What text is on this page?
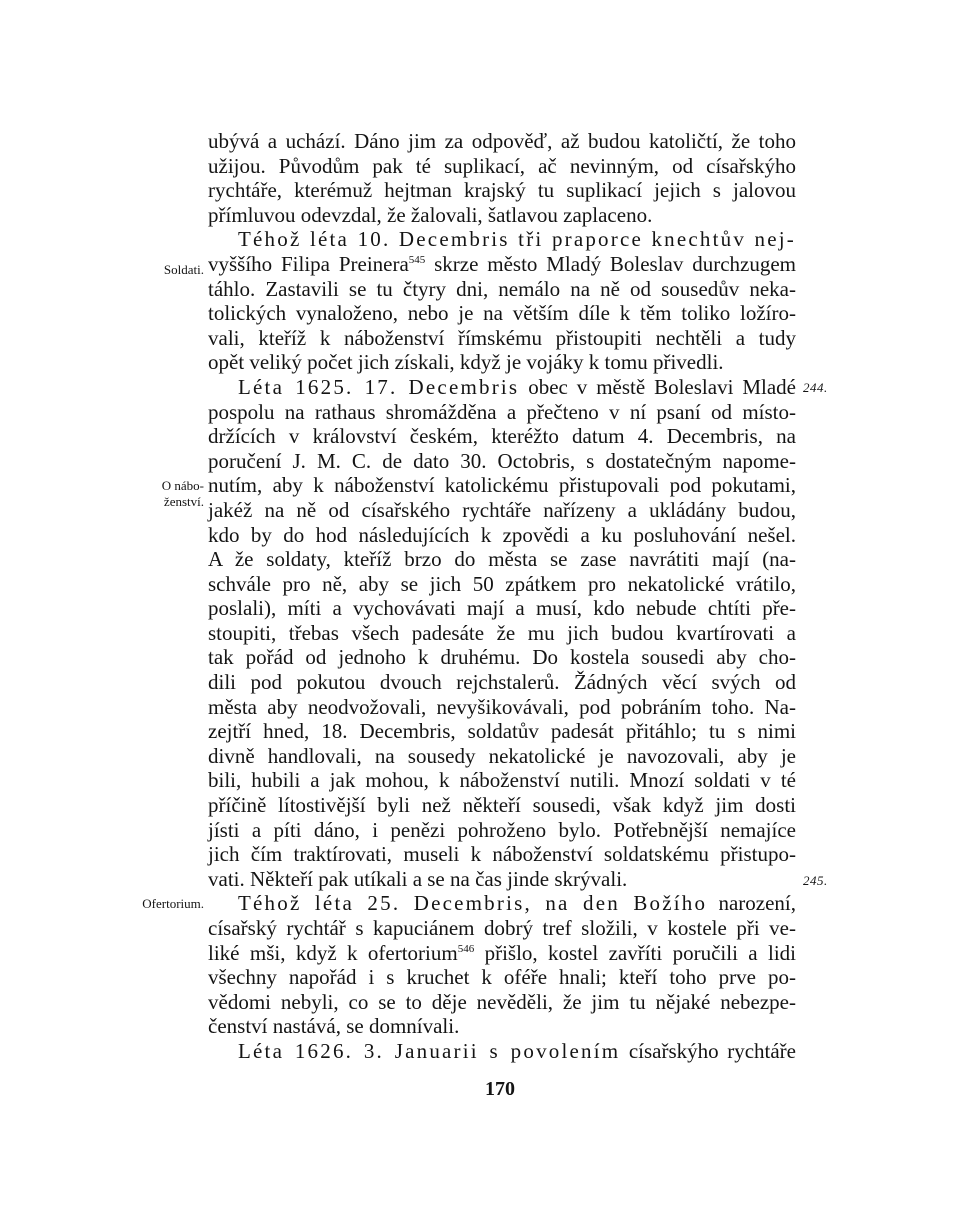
ubývá a uchází. Dáno jim za odpověď, až budou katoličtí, že toho
užijou. Původům pak té suplikací, ač nevinným, od císařskýho
rychtáře, kterémuž hejtman krajský tu suplikací jejich s jalovou
přímluvou odevzdal, že žalovali, šatlavou zaplaceno.
Téhož léta 10. Decembris tři praporce knechtův nej-
vyššího Filipa Preinera$^{545}$ skrze město Mladý Boleslav durchzugem
táhlo. Zastavili se tu čtyry dni, nemálo na ně od sousedův neka-
tolických vynaloženo, nebo je na větším díle k těm toliko ložíro-
vali, kteříž k náboženství římskému přistoupiti nechtěli a tudy
opět veliký počet jich získali, když je vojáky k tomu přivedli.
Léta 1625. 17. Decembris obec v městě Boleslavi Mladé
pospolu na rathaus shromážděna a přečteno v ní psaní od místo-
držících v království českém, kteréžto datum 4. Decembris, na
poručení J. M. C. de dato 30. Octobris, s dostatečným napome-
nutím, aby k náboženství katolickému přistupovali pod pokutami,
jakéž na ně od císařského rychtáře nařízeny a ukládány budou,
kdo by do hod následujících k zpovědi a ku posluhování nešel.
A že soldaty, kteříž brzo do města se zase navrátiti mají (na-
schvále pro ně, aby se jich 50 zpátkem pro nekatolické vrátilo,
poslali), míti a vychovávati mají a musí, kdo nebude chtíti pře-
stoupiti, třebas všech padesáte že mu jich budou kvartírovati a
tak pořád od jednoho k druhému. Do kostela sousedi aby cho-
dili pod pokutou dvouch rejchstalerů. Žádných věcí svých od
města aby neodvožovali, nevyšikovávali, pod pobráním toho. Na-
zejtří hned, 18. Decembris, soldatův padesát přitáhlo; tu s nimi
divně handlovali, na sousedy nekatolické je navozovali, aby je
bili, hubili a jak mohou, k náboženství nutili. Mnozí soldati v té
příčině lítostivější byli než někteří sousedi, však když jim dosti
jísti a píti dáno, i penězi pohroženo bylo. Potřebnější nemajíce
jich čím traktírovati, museli k náboženství soldatskému přistupo-
vati. Někteří pak utíkali a se na čas jinde skrývali.
Téhož léta 25. Decembris, na den Božího narození,
císařský rychtář s kapuciánem dobrý tref složili, v kostele při ve-
liké mši, když k ofertorium$^{546}$ přišlo, kostel zavříti poručili a lidi
všechny napořád i s kruchet k oféře hnali; kteří toho prve po-
vědomi nebyli, co se to děje nevěděli, že jim tu nějaké nebezpe-
čenství nastává, se domnívali.
Léta 1626. 3. Januarii s povolením císařskýho rychtáře
Soldati.
O nábo-
ženství.
Ofertorium.
244.
245.
170
